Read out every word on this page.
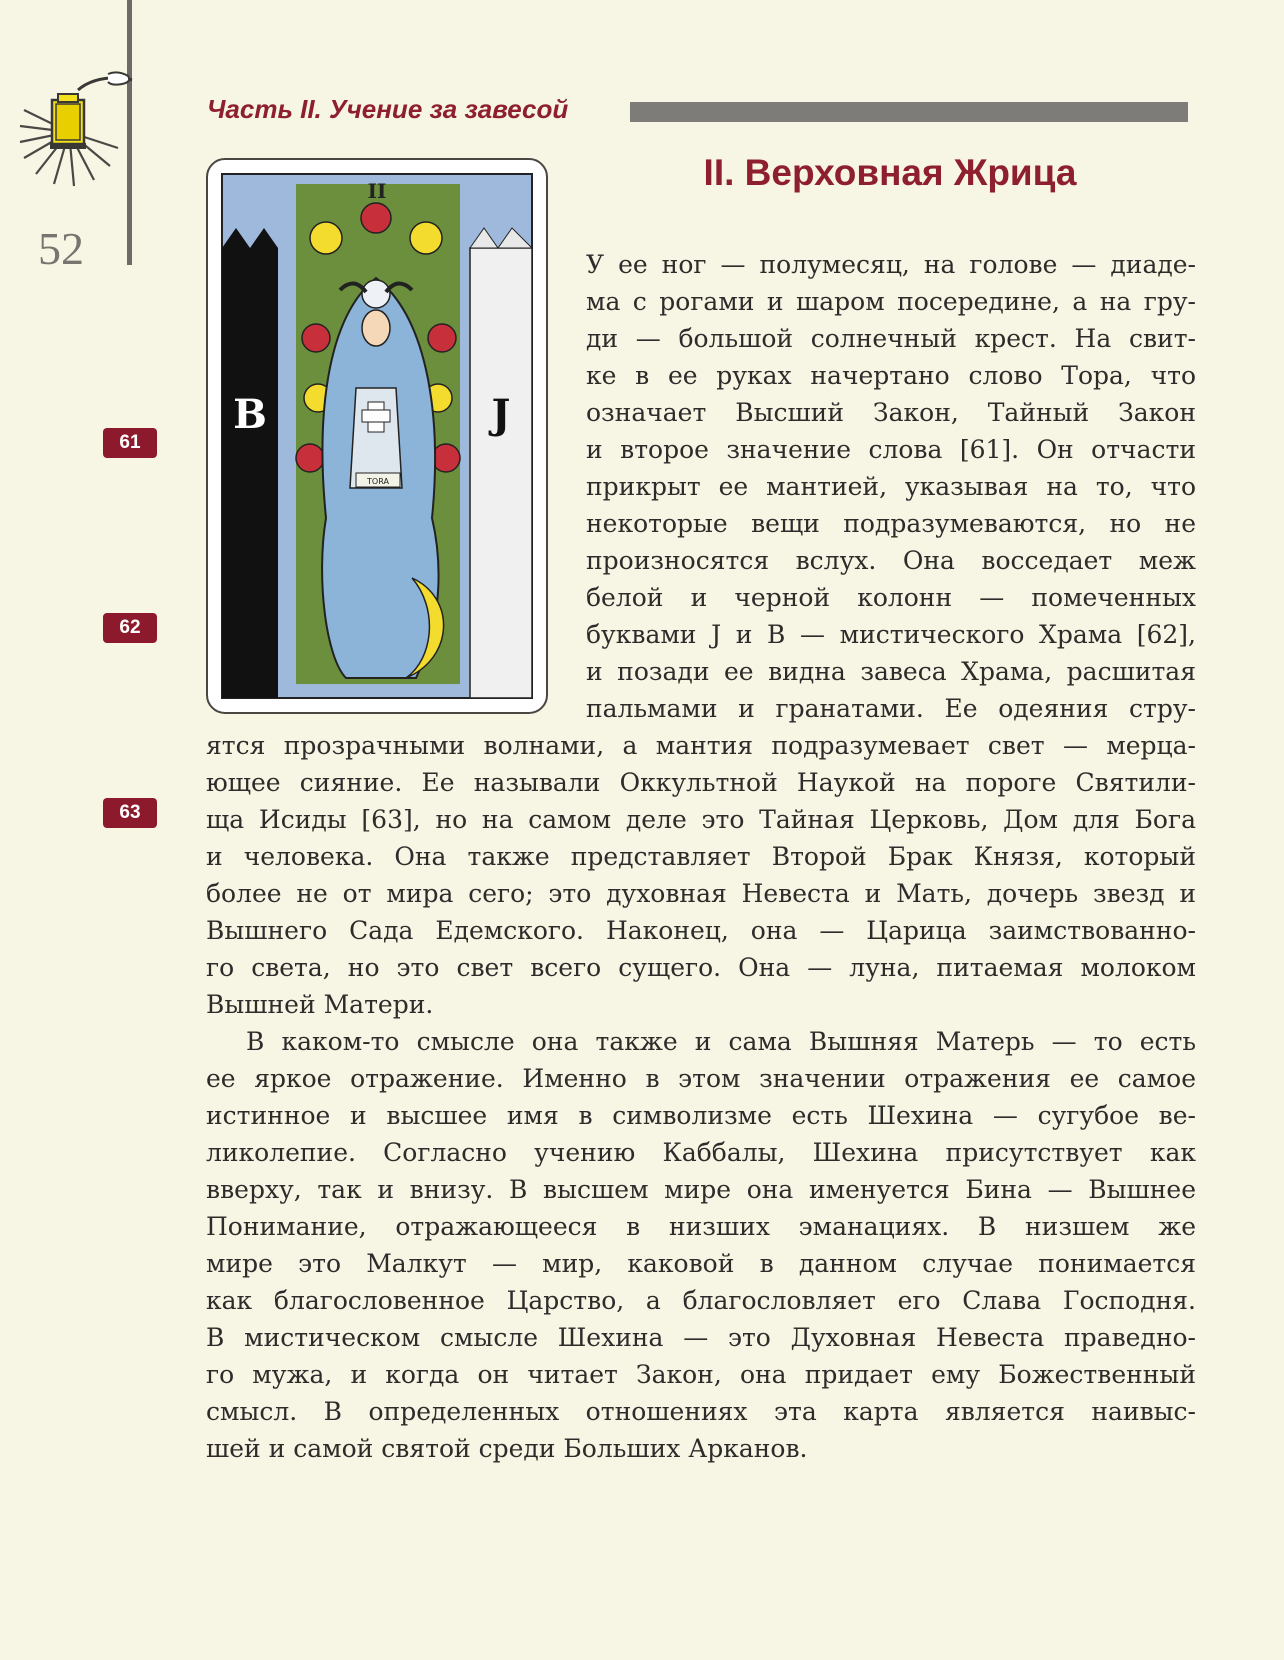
52
Часть II. Учение за завесой
61
62
63
TORA
II
B	J
II. Верховная Жрица
У ее ног — полумесяц, на голове — диаде-
ма с рогами и шаром посередине, а на гру-
ди — большой солнечный крест. На свит-
ке в ее руках начертано слово Тора, что
означает Высший Закон, Тайный Закон
и второе значение слова [61]. Он отчасти
прикрыт ее мантией, указывая на то, что
некоторые вещи подразумеваются, но не
произносятся вслух. Она восседает меж
белой и черной колонн — помеченных
буквами J и B — мистического Храма [62],
и позади ее видна завеса Храма, расшитая
пальмами и гранатами. Ее одеяния стру-
ятся прозрачными волнами, а мантия подразумевает свет — мерца-
ющее сияние. Ее называли Оккультной Наукой на пороге Святили-
ща Исиды [63], но на самом деле это Тайная Церковь, Дом для Бога
и человека. Она также представляет Второй Брак Князя, который
более не от мира сего; это духовная Невеста и Мать, дочерь звезд и
Вышнего Сада Едемского. Наконец, она — Царица заимствованно-
го света, но это свет всего сущего. Она — луна, питаемая молоком
Вышней Матери.
В каком-то смысле она также и сама Вышняя Матерь — то есть
ее яркое отражение. Именно в этом значении отражения ее самое
истинное и высшее имя в символизме есть Шехина — сугубое ве-
ликолепие. Согласно учению Каббалы, Шехина присутствует как
вверху, так и внизу. В высшем мире она именуется Бина — Вышнее
Понимание, отражающееся в низших эманациях. В низшем же
мире это Малкут — мир, каковой в данном случае понимается
как благословенное Царство, а благословляет его Слава Господня.
В мистическом смысле Шехина — это Духовная Невеста праведно-
го мужа, и когда он читает Закон, она придает ему Божественный
смысл. В определенных отношениях эта карта является наивыс-
шей и самой святой среди Больших Арканов.
